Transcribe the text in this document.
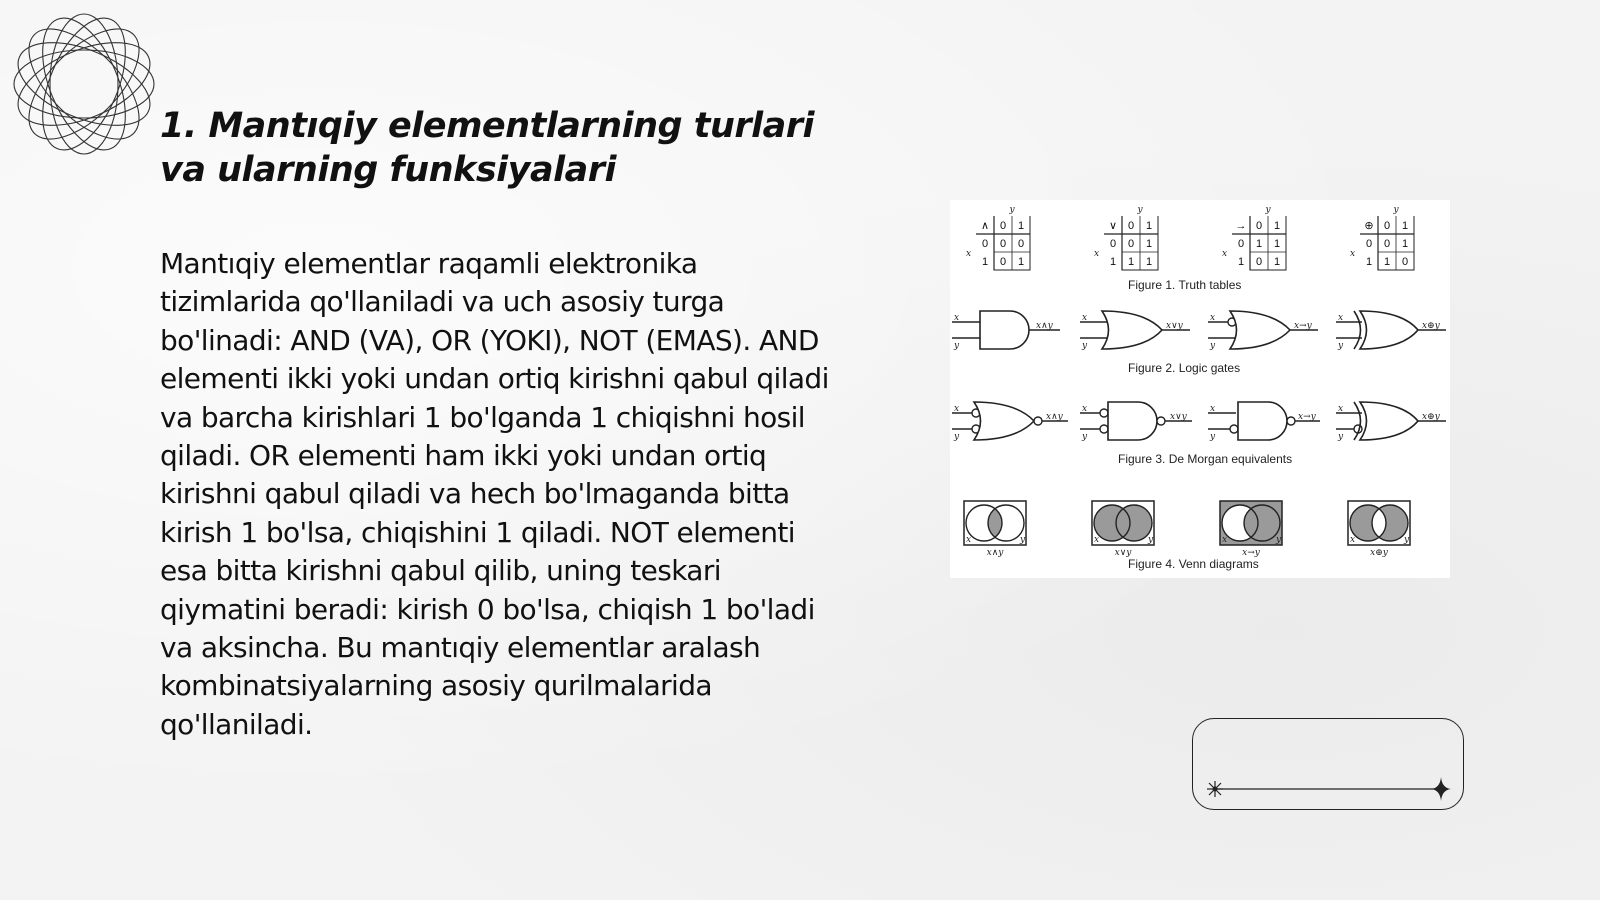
1. Mantıqiy elementlarning turlari va ularning funksiyalari

Mantıqiy elementlar raqamli elektronika tizimlarida qo'llaniladi va uch asosiy turga bo'linadi: AND (VA), OR (YOKI), NOT (EMAS). AND elementi ikki yoki undan ortiq kirishni qabul qiladi va barcha kirishlari 1 bo'lganda 1 chiqishni hosil qiladi. OR elementi ham ikki yoki undan ortiq kirishni qabul qiladi va hech bo'lmaganda bitta kirish 1 bo'lsa, chiqishini 1 qiladi. NOT elementi esa bitta kirishni qabul qilib, uning teskari qiymatini beradi: kirish 0 bo'lsa, chiqish 1 bo'ladi va aksincha. Bu mantıqiy elementlar aralash kombinatsiyalarning asosiy qurilmalarida qo'llaniladi.

y
x
∧ 0 1
0 0 0
1 0 1
y
x
∨ 0 1
0 0 1
1 1 1
y
x
→ 0 1
0 1 1
1 0 1
y
x
⊕ 0 1
0 0 1
1 1 0
Figure 1. Truth tables
x
y
x
y
x
y
x
y
x∧y	x∨y	x→y	x⊕y
Figure 2. Logic gates
x
y
x
y
x
y
x
y
x∧y	x∨y	x→y	x⊕y
Figure 3. De Morgan equivalents
x	y	x	y	x	y	x	y
x∧y	x∨y	x→y	x⊕y
Figure 4. Venn diagrams
